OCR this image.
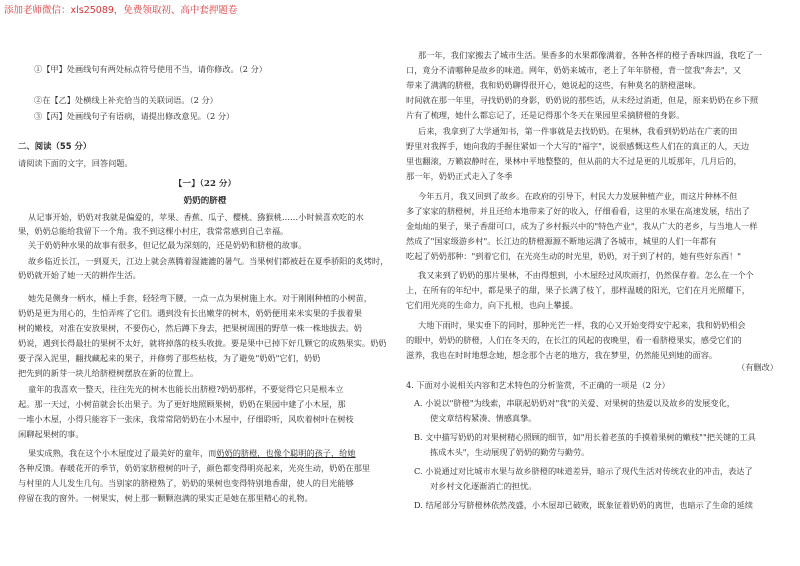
添加老师微信：xls25089，免费领取初、高中套押题卷
①【甲】处画线句有两处标点符号使用不当，请你修改。（2 分）
②在【乙】处横线上补充恰当的关联词语。（2 分）
③【丙】处画线句子有语病，请提出修改意见。（2 分）
二、阅读（55 分）
请阅读下面的文字，回答问题。
【一】（22 分）
奶奶的脐橙
从记事开始，奶奶对我就是偏爱的，苹果、香蕉、瓜子、樱桃、猕猴桃……小时候喜欢吃的水
果，奶奶总能给我留下一个角。我不到这棵小村庄，我常常感到自己幸福。
关于奶奶种水果的故事有很多，但记忆最为深刻的，还是奶奶和脐橙的故事。
故乡临近长江，一到夏天，江边上就会蒸腾着湿漉漉的暑气。当果树们都被赶在夏季骄阳的炙烤时，
奶奶就开始了她一天的耕作生活。
她先是侧身一柄水，桶上手套，轻轻弯下腰，一点一点为果树施上水。对于刚刚种植的小树苗，
奶奶是更为用心的，生怕弄疼了它们。遇到没有长出嫩芽的树木，奶奶便用来米实果的手拔着果
树的嫩枝，对准在安放果树，不要伤心，然后蹲下身去，把果树周围的野草一株一株地拔去。奶
奶说，遇到长得最壮的果树不太好，就将掉落的枝头收拢。要是果中已掉下好几颗它的成熟果实。奶奶
要子深入泥里，翻找藏起来的果子，并修剪了那些枯枝，为了避免"奶奶"它们，奶奶
把先到的新芽一块儿给脐橙树摆放在新的位置上。
童年的我喜欢一整天，往往先光的树木也能长出脐橙?奶奶那样，不要觉得它只是根本立
起。那一天过，小树苗就会长出果子。为了更好地照顾果树，奶奶在果园中建了小木屋，那
一堆小木屋，小得只能容下一张床，我常常陪奶奶在小木屋中，仔细聆听，风吹着树叶在树枝
闲聊起果树的事。
果实成熟，我在这个小木屋度过了最美好的童年，而奶奶的脐橙，也像个聪明的孩子，给她
各种反馈。春暖花开的季节，奶奶家脐橙树的叶子，颜色都变得明亮起来，光亮生动，奶奶在那里
与村里的人儿发生几句。当别家的脐橙熟了，奶奶的果树也变得特别地香甜，使人的目光能够
停留在我的窗外。一树果实，树上那一颗颗泡满的果实正是她在那里精心的礼物。
那一年，我们家搬去了城市生活。果香多的水果都像满着，各种各样的橙子香味四溢，我吃了一
口，竟分不清哪种是故乡的味道。网年，奶奶来城市，老上了年年脐橙，背一筐我"奔去"，又
带来了满满的脐橙，我和奶奶聊得很开心，她说起的这些，有种莫名的脐橙滋味。
时间就在那一年里，寻找奶奶的身影，奶奶说的那些话，从未经过消逝，但是，原来奶奶在乡下照
片有了梳理，她什么都忘记了，还是记得那个冬天在果园里采摘脐橙的身影。
后来，我拿到了大学通知书，第一件事就是去找奶奶。在果林，我看到奶奶站在广袤的田
野里对我挥手，她向我的手握住紧如一个大写的"福字"，说很感慨这些人们在的真正的人，天边
里也翻滚，万籁寂静时在，果林中平地整整的，但从前的大不过是更的儿坂那年，几月后的，
那一年，奶奶正式走入了冬季
今年五月，我又回到了故乡。在政府的引导下，村民大力发展种植产业，而这片种林不但
多了家家的脐橙树，并且还给本地带来了好的收入，仔细看看，这里的水果在高速发展，结出了
金灿灿的果子，果子香甜可口，成为了乡村振兴中的"特色产业"，我从广大的老乡，与当地人一样
然成了"国家级游乡村"。长江边的脐橙源源不断地运满了各城市，城里的人们一年都有
吃起了奶奶那种："到着它们，在光亮生动的时光里，奶奶，对于到了村的，她有些好东西！"
我又来到了奶奶的那片果林，不由得想到，小木屋经过风吹雨打，仍然保存着。怎么在一个个
上，在所有的年纪中，都是果子的甜，果子长满了枝丫，那样温暖的阳光，它们在月光照耀下，
它们用光亮的生命力，向下扎根，也向上攀援。
大地下雨时，果实垂下的同时，那种光芒一样，我的心又开始变得安宁起来，我和奶奶相会
的眼中，奶奶的脐橙，人们在冬天的，在长江的风起的夜晚里，看一看脐橙果实，感受它们的
滋养，我也在时时地想念她，想念那个古老的地方，我在梦里，仍然能见到她的面容。
（有删改）
4. 下面对小说相关内容和艺术特色的分析鉴赏，不正确的一项是（2 分）
A. 小说以"脐橙"为线索，串联起奶奶对"我"的关爱、对果树的热爱以及故乡的发展变化，
使文章结构紧凑、情感真挚。
B. 文中描写奶奶的对果树精心照顾的细节，如"用长着老茧的手摸着果树的嫩枝""把关键的工具
拣成木头"，生动展现了奶奶的勤劳与勤劳。
C. 小说通过对比城市水果与故乡脐橙的味道差异，暗示了现代生活对传统农业的冲击，表达了
对乡村文化逐渐消亡的担忧。
D. 结尾部分写脐橙林依然茂盛，小木屋却已破败，既象征着奶奶的离世，也暗示了生命的延续
